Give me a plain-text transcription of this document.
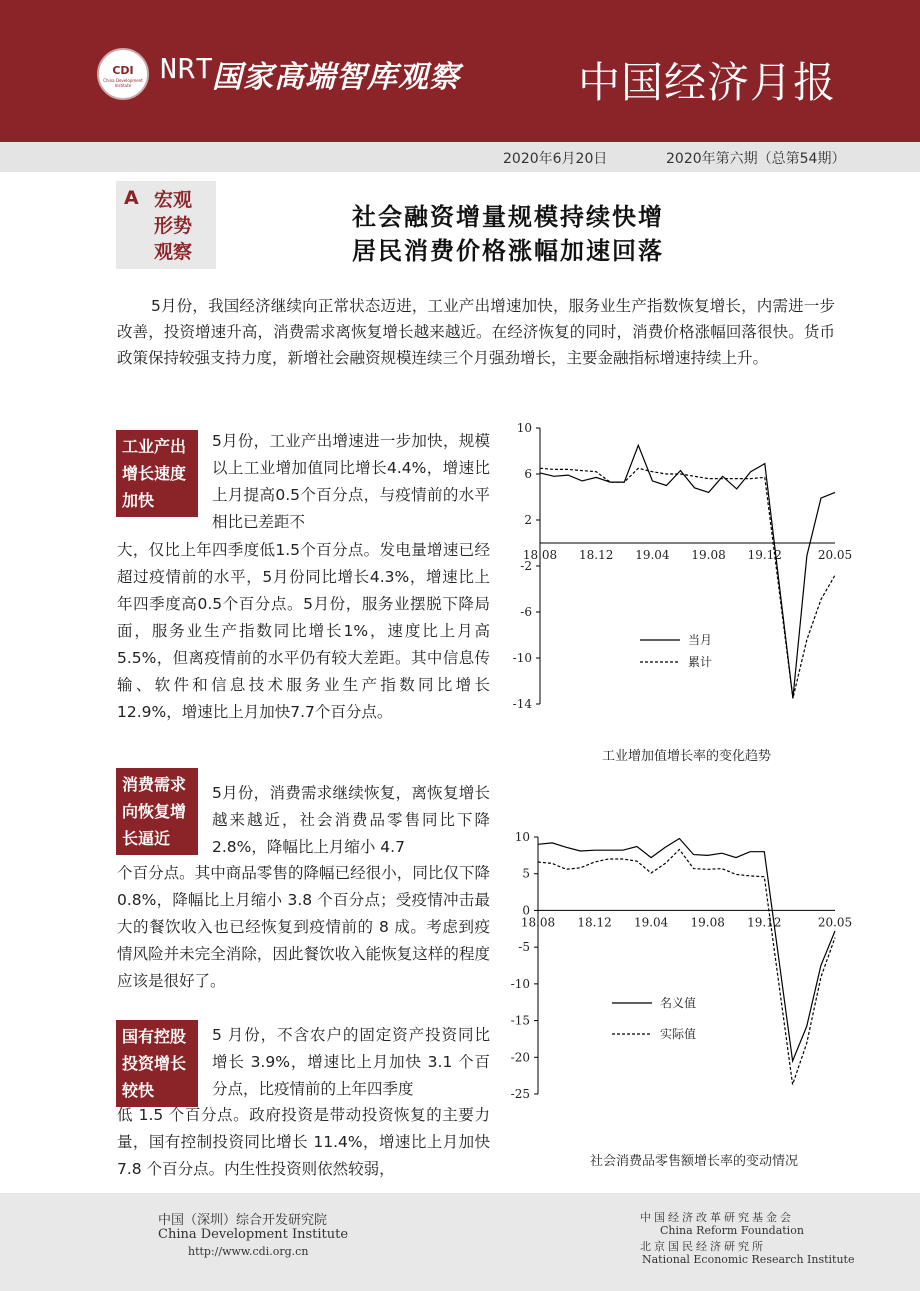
CDI
China Development Institute
NRT
国家高端智库观察	中国经济月报
2020年6月20日	2020年第六期（总第54期）
A 宏观形势观察
社会融资增量规模持续快增
居民消费价格涨幅加速回落

5月份，我国经济继续向正常状态迈进，工业产出增速加快，服务业生产指数恢复增长，内需进一步改善，投资增速升高，消费需求离恢复增长越来越近。在经济恢复的同时，消费价格涨幅回落很快。货币政策保持较强支持力度，新增社会融资规模连续三个月强劲增长，主要金融指标增速持续上升。

工业产出增长速度加快
5月份，工业产出增速进一步加快，规模以上工业增加值同比增长4.4%，增速比上月提高0.5个百分点，与疫情前的水平相比已差距不
大，仅比上年四季度低1.5个百分点。发电量增速已经超过疫情前的水平，5月份同比增长4.3%，增速比上年四季度高0.5个百分点。5月份，服务业摆脱下降局面，服务业生产指数同比增长1%，速度比上月高5.5%，但离疫情前的水平仍有较大差距。其中信息传输、软件和信息技术服务业生产指数同比增长12.9%，增速比上月加快7.7个百分点。
消费需求向恢复增长逼近
5月份，消费需求继续恢复，离恢复增长越来越近，社会消费品零售同比下降 2.8%，降幅比上月缩小 4.7
个百分点。其中商品零售的降幅已经很小，同比仅下降 0.8%，降幅比上月缩小 3.8 个百分点；受疫情冲击最大的餐饮收入也已经恢复到疫情前的 8 成。考虑到疫情风险并未完全消除，因此餐饮收入能恢复这样的程度应该是很好了。
国有控股投资增长较快
5 月份，不含农户的固定资产投资同比增长 3.9%，增速比上月加快 3.1 个百分点，比疫情前的上年四季度
低 1.5 个百分点。政府投资是带动投资恢复的主要力量，国有控制投资同比增长 11.4%，增速比上月加快 7.8 个百分点。内生性投资则依然较弱，
10
6
2
-2
-6
-10
-14
18.08 18.12 19.04 19.08 19.12	20.05
当月
累计
工业增加值增长率的变化趋势
10
5
0
-5
-10
-15
-20
-25
18.08 18.12 19.04 19.08 19.12	20.05
名义值
实际值
社会消费品零售额增长率的变动情况
中国（深圳）综合开发研究院
China Development Institute
http://www.cdi.org.cn
中国经济改革研究基金会
China Reform Foundation
北京国民经济研究所
National Economic Research Institute
